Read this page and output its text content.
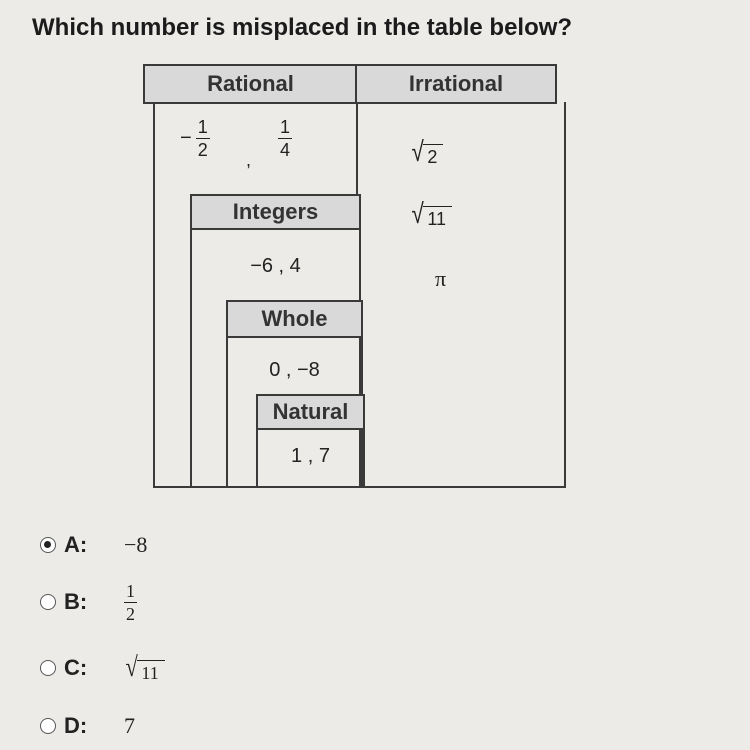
Which number is misplaced in the table below?
Rational	Irrational
− $\frac{1}{2}$
,
$\frac{1}{4}$
Integers
−6 , 4
Whole
0 , −8
Natural
1 , 7
√ 2
√ 11
π
A:	−8
B:	$\frac{1}{2}$
C:	√ 11
D:	7
